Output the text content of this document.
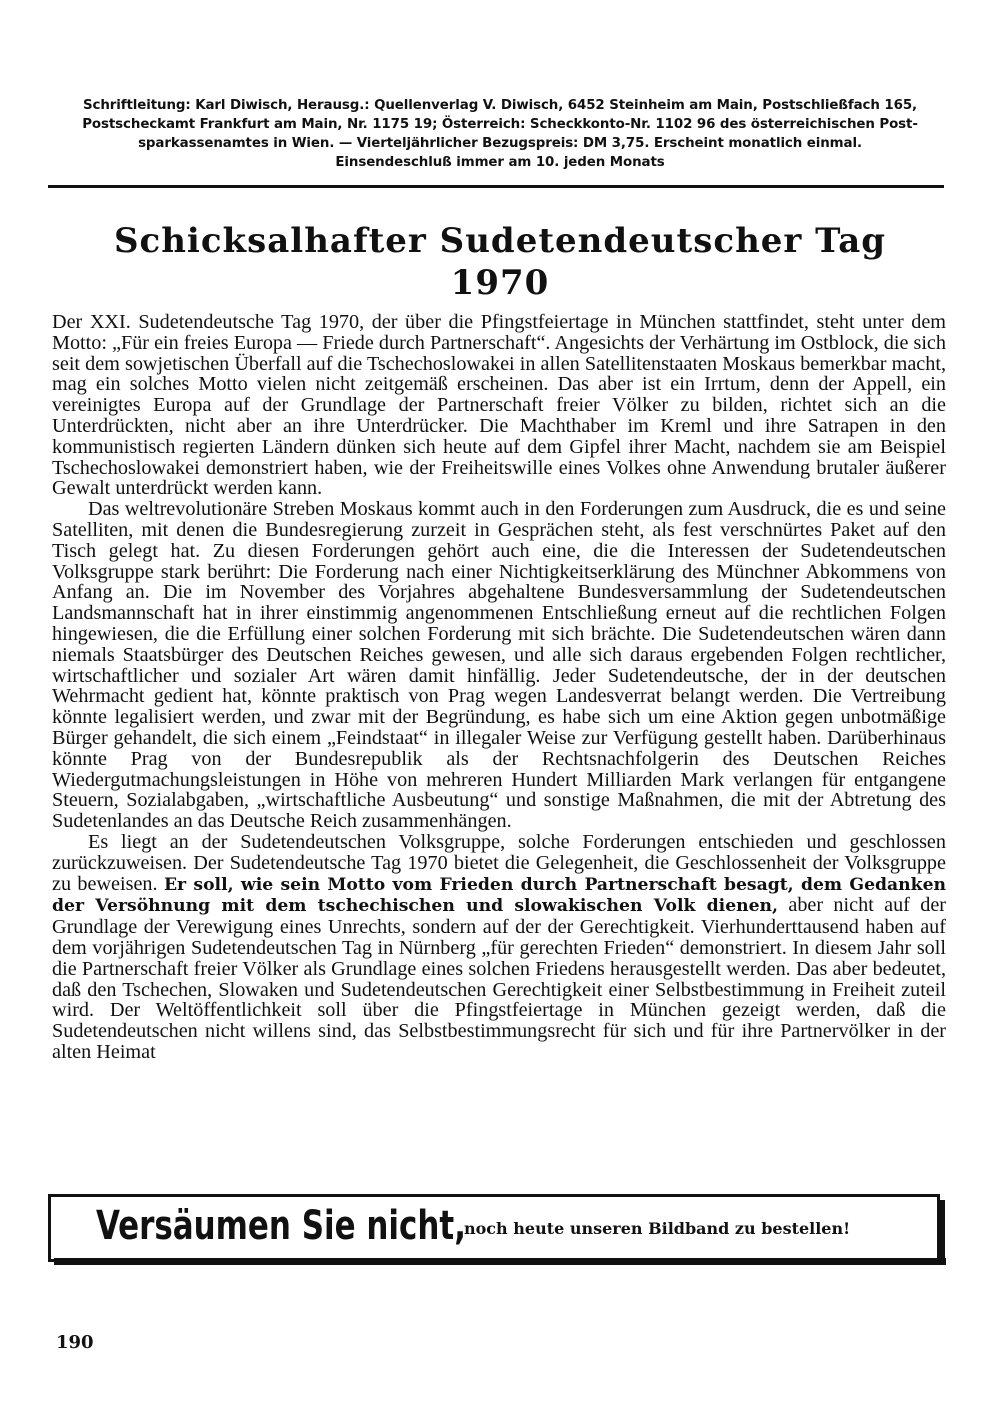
Schriftleitung: Karl Diwisch, Herausg.: Quellenverlag V. Diwisch, 6452 Steinheim am Main, Postschließfach 165,
Postscheckamt Frankfurt am Main, Nr. 1175 19; Österreich: Scheckkonto-Nr. 1102 96 des österreichischen Post-
sparkassenamtes in Wien. — Vierteljährlicher Bezugspreis: DM 3,75. Erscheint monatlich einmal.
Einsendeschluß immer am 10. jeden Monats
Schicksalhafter Sudetendeutscher Tag
1970

Der XXI. Sudetendeutsche Tag 1970, der über die Pfingstfeiertage in München stattfindet, steht unter dem Motto: „Für ein freies Europa — Friede durch Partnerschaft“. Angesichts der Verhärtung im Ostblock, die sich seit dem sowjetischen Überfall auf die Tschechoslowakei in allen Satellitenstaaten Moskaus bemerkbar macht, mag ein solches Motto vielen nicht zeitgemäß erscheinen. Das aber ist ein Irrtum, denn der Appell, ein vereinigtes Europa auf der Grundlage der Partnerschaft freier Völker zu bilden, richtet sich an die Unterdrückten, nicht aber an ihre Unterdrücker. Die Machthaber im Kreml und ihre Satrapen in den kommunistisch regierten Ländern dünken sich heute auf dem Gipfel ihrer Macht, nachdem sie am Beispiel Tschechoslowakei demonstriert haben, wie der Freiheitswille eines Volkes ohne Anwendung brutaler äußerer Gewalt unterdrückt werden kann.

Das weltrevolutionäre Streben Moskaus kommt auch in den Forderungen zum Ausdruck, die es und seine Satelliten, mit denen die Bundesregierung zurzeit in Gesprächen steht, als fest verschnürtes Paket auf den Tisch gelegt hat. Zu diesen Forderungen gehört auch eine, die die Interessen der Sudetendeutschen Volksgruppe stark berührt: Die Forderung nach einer Nichtigkeitserklärung des Münchner Abkommens von Anfang an. Die im November des Vorjahres abgehaltene Bundesversammlung der Sudetendeutschen Landsmannschaft hat in ihrer einstimmig angenommenen Entschließung erneut auf die rechtlichen Folgen hingewiesen, die die Erfüllung einer solchen Forderung mit sich brächte. Die Sudetendeutschen wären dann niemals Staatsbürger des Deutschen Reiches gewesen, und alle sich daraus ergebenden Folgen rechtlicher, wirtschaftlicher und sozialer Art wären damit hinfällig. Jeder Sudetendeutsche, der in der deutschen Wehrmacht gedient hat, könnte praktisch von Prag wegen Landesverrat belangt werden. Die Vertreibung könnte legalisiert werden, und zwar mit der Begründung, es habe sich um eine Aktion gegen unbotmäßige Bürger gehandelt, die sich einem „Feindstaat“ in illegaler Weise zur Verfügung gestellt haben. Darüberhinaus könnte Prag von der Bundesrepublik als der Rechtsnachfolgerin des Deutschen Reiches Wiedergutmachungsleistungen in Höhe von mehreren Hundert Milliarden Mark verlangen für entgangene Steuern, Sozialabgaben, „wirtschaftliche Ausbeutung“ und sonstige Maßnahmen, die mit der Abtretung des Sudetenlandes an das Deutsche Reich zusammenhängen.

Es liegt an der Sudetendeutschen Volksgruppe, solche Forderungen entschieden und geschlossen zurückzuweisen. Der Sudetendeutsche Tag 1970 bietet die Gelegenheit, die Geschlossenheit der Volksgruppe zu beweisen. Er soll, wie sein Motto vom Frieden durch Partnerschaft besagt, dem Gedanken der Versöhnung mit dem tschechischen und slowakischen Volk dienen, aber nicht auf der Grundlage der Verewigung eines Unrechts, sondern auf der der Gerechtigkeit. Vierhunderttausend haben auf dem vorjährigen Sudetendeutschen Tag in Nürnberg „für gerechten Frieden“ demonstriert. In diesem Jahr soll die Partnerschaft freier Völker als Grundlage eines solchen Friedens herausgestellt werden. Das aber bedeutet, daß den Tschechen, Slowaken und Sudetendeutschen Gerechtigkeit einer Selbstbestimmung in Freiheit zuteil wird. Der Weltöffentlichkeit soll über die Pfingstfeiertage in München gezeigt werden, daß die Sudetendeutschen nicht willens sind, das Selbstbestimmungsrecht für sich und für ihre Partnervölker in der alten Heimat

Versäumen Sie nicht,
noch heute unseren Bildband zu bestellen!
190
